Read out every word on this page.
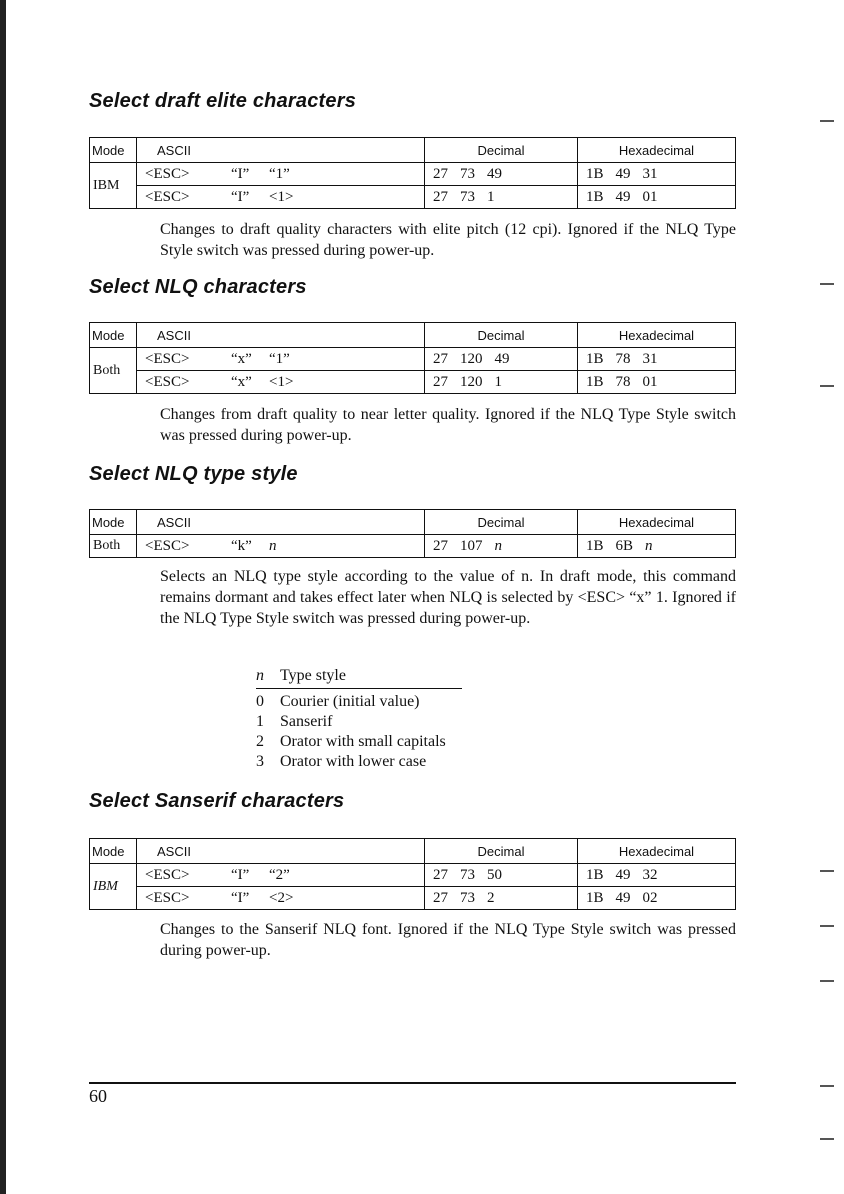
Select draft elite characters
Mode	ASCII	Decimal	Hexadecimal
IBM	<ESC> “I” “1”	27 73 49	1B 49 31
	<ESC> “I” <1>	27 73 1	1B 49 01

Changes to draft quality characters with elite pitch (12 cpi). Ignored if the NLQ Type Style switch was pressed during power-up.

Select NLQ characters
Mode	ASCII	Decimal	Hexadecimal
Both	<ESC> “x” “1”	27 120 49	1B 78 31
	<ESC> “x” <1>	27 120 1	1B 78 01

Changes from draft quality to near letter quality. Ignored if the NLQ Type Style switch was pressed during power-up.

Select NLQ type style
Mode	ASCII	Decimal	Hexadecimal
Both	<ESC> “k” n	27 107 n	1B 6B n

Selects an NLQ type style according to the value of n. In draft mode, this command remains dormant and takes effect later when NLQ is selected by <ESC> “x” 1. Ignored if the NLQ Type Style switch was pressed during power-up.

n	Type style
0	Courier (initial value)
1	Sanserif
2	Orator with small capitals
3	Orator with lower case
Select Sanserif characters
Mode	ASCII	Decimal	Hexadecimal
IBM	<ESC> “I” “2”	27 73 50	1B 49 32
	<ESC> “I” <2>	27 73 2	1B 49 02

Changes to the Sanserif NLQ font. Ignored if the NLQ Type Style switch was pressed during power-up.

60
